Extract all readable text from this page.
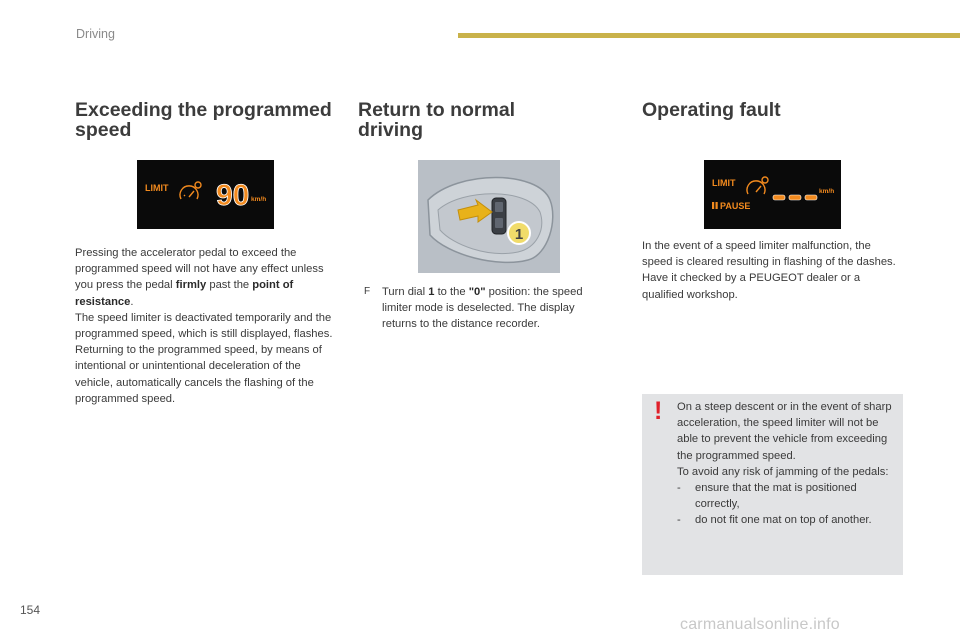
Driving
Exceeding the programmed
speed
LIMIT 90 km/h
Pressing the accelerator pedal to exceed the programmed speed will not have any effect unless you press the pedal firmly past the point of resistance.
The speed limiter is deactivated temporarily and the programmed speed, which is still displayed, flashes.
Returning to the programmed speed, by means of intentional or unintentional deceleration of the vehicle, automatically cancels the flashing of the programmed speed.
Return to normal
driving
1
F Turn dial 1 to the "0" position: the speed limiter mode is deselected. The display returns to the distance recorder.
Operating fault
LIMIT
PAUSE
km/h
In the event of a speed limiter malfunction, the speed is cleared resulting in flashing of the dashes.
Have it checked by a PEUGEOT dealer or a qualified workshop.
! On a steep descent or in the event of sharp acceleration, the speed limiter will not be able to prevent the vehicle from exceeding the programmed speed.
To avoid any risk of jamming of the pedals:
- ensure that the mat is positioned correctly,
- do not fit one mat on top of another.
154
carmanualsonline.info
